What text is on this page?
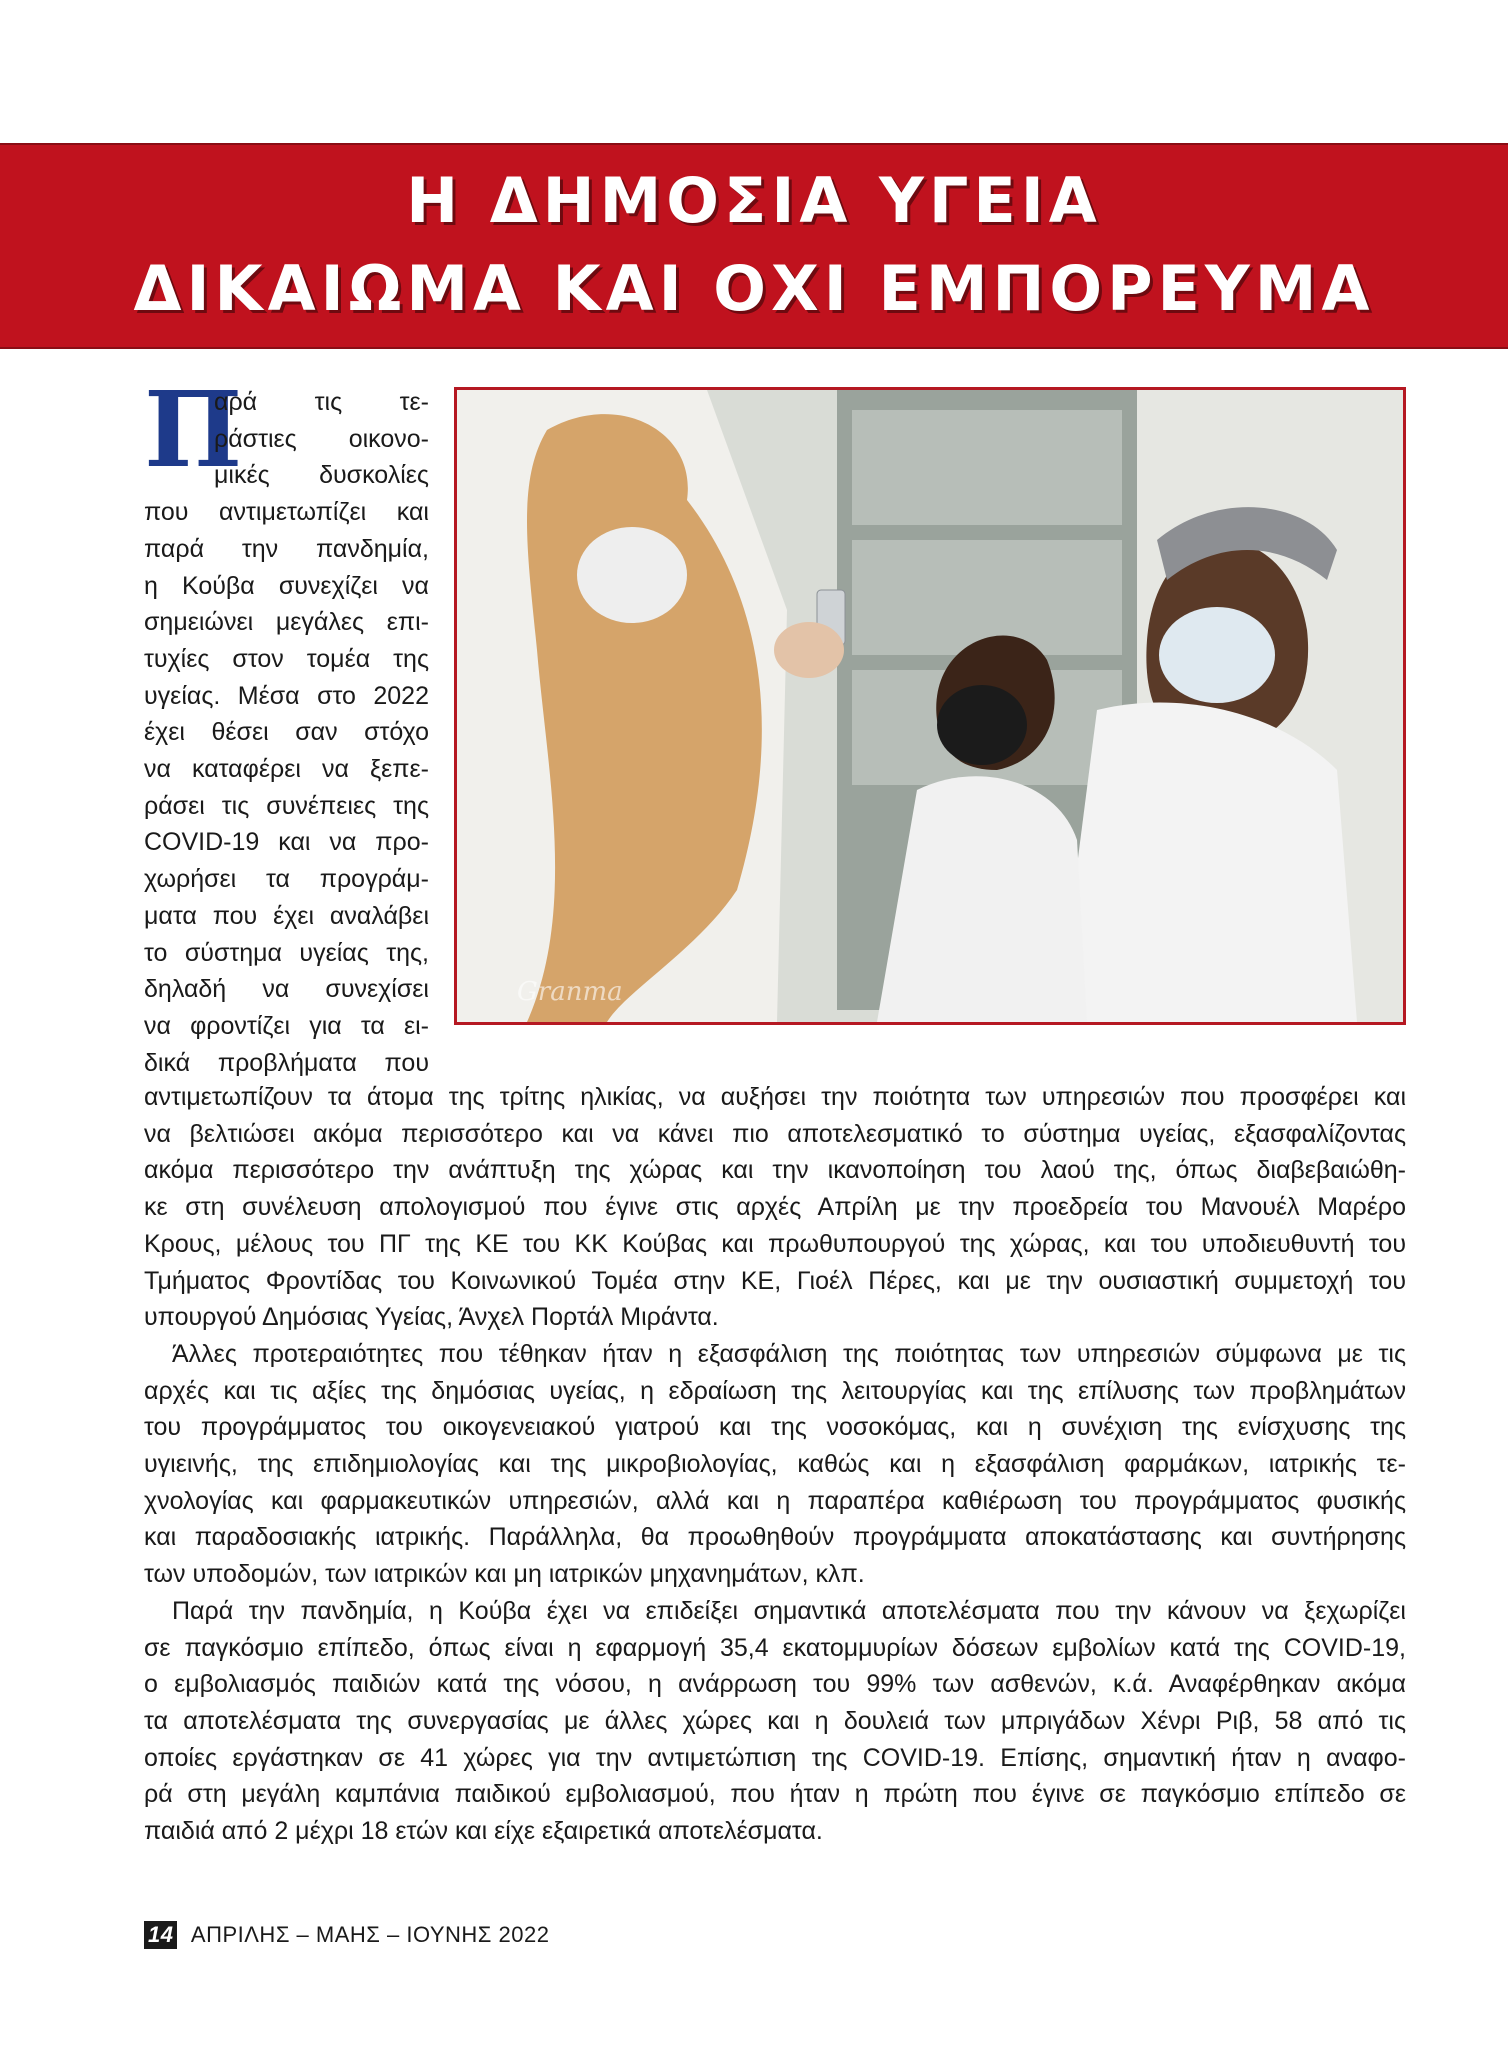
Η ΔΗΜΟΣΙΑ ΥΓΕΙΑ
ΔΙΚΑΙΩΜΑ ΚΑΙ ΟΧΙ ΕΜΠΟΡΕΥΜΑ
Granma
Π
αρά τις τε-
ράστιες οικονο-
μικές δυσκολίες
που αντιμετωπίζει και
παρά την πανδημία,
η Κούβα συνεχίζει να
σημειώνει μεγάλες επι-
τυχίες στον τομέα της
υγείας. Μέσα στο 2022
έχει θέσει σαν στόχο
να καταφέρει να ξεπε-
ράσει τις συνέπειες της
COVID-19 και να προ-
χωρήσει τα προγράμ-
ματα που έχει αναλάβει
το σύστημα υγείας της,
δηλαδή να συνεχίσει
να φροντίζει για τα ει-
δικά προβλήματα που
αντιμετωπίζουν τα άτομα της τρίτης ηλικίας, να αυξήσει την ποιότητα των υπηρεσιών που προσφέρει και
να βελτιώσει ακόμα περισσότερο και να κάνει πιο αποτελεσματικό το σύστημα υγείας, εξασφαλίζοντας
ακόμα περισσότερο την ανάπτυξη της χώρας και την ικανοποίηση του λαού της, όπως διαβεβαιώθη-
κε στη συνέλευση απολογισμού που έγινε στις αρχές Απρίλη με την προεδρεία του Μανουέλ Μαρέρο
Κρους, μέλους του ΠΓ της ΚΕ του ΚΚ Κούβας και πρωθυπουργού της χώρας, και του υποδιευθυντή του
Τμήματος Φροντίδας του Κοινωνικού Τομέα στην ΚΕ, Γιοέλ Πέρες, και με την ουσιαστική συμμετοχή του
υπουργού Δημόσιας Υγείας, Άνχελ Πορτάλ Μιράντα.
Άλλες προτεραιότητες που τέθηκαν ήταν η εξασφάλιση της ποιότητας των υπηρεσιών σύμφωνα με τις
αρχές και τις αξίες της δημόσιας υγείας, η εδραίωση της λειτουργίας και της επίλυσης των προβλημάτων
του προγράμματος του οικογενειακού γιατρού και της νοσοκόμας, και η συνέχιση της ενίσχυσης της
υγιεινής, της επιδημιολογίας και της μικροβιολογίας, καθώς και η εξασφάλιση φαρμάκων, ιατρικής τε-
χνολογίας και φαρμακευτικών υπηρεσιών, αλλά και η παραπέρα καθιέρωση του προγράμματος φυσικής
και παραδοσιακής ιατρικής. Παράλληλα, θα προωθηθούν προγράμματα αποκατάστασης και συντήρησης
των υποδομών, των ιατρικών και μη ιατρικών μηχανημάτων, κλπ.
Παρά την πανδημία, η Κούβα έχει να επιδείξει σημαντικά αποτελέσματα που την κάνουν να ξεχωρίζει
σε παγκόσμιο επίπεδο, όπως είναι η εφαρμογή 35,4 εκατομμυρίων δόσεων εμβολίων κατά της COVID-19,
ο εμβολιασμός παιδιών κατά της νόσου, η ανάρρωση του 99% των ασθενών, κ.ά. Αναφέρθηκαν ακόμα
τα αποτελέσματα της συνεργασίας με άλλες χώρες και η δουλειά των μπριγάδων Χένρι Ριβ, 58 από τις
οποίες εργάστηκαν σε 41 χώρες για την αντιμετώπιση της COVID-19. Επίσης, σημαντική ήταν η αναφο-
ρά στη μεγάλη καμπάνια παιδικού εμβολιασμού, που ήταν η πρώτη που έγινε σε παγκόσμιο επίπεδο σε
παιδιά από 2 μέχρι 18 ετών και είχε εξαιρετικά αποτελέσματα.
14 ΑΠΡΙΛΗΣ – ΜΑΗΣ – ΙΟΥΝΗΣ 2022
